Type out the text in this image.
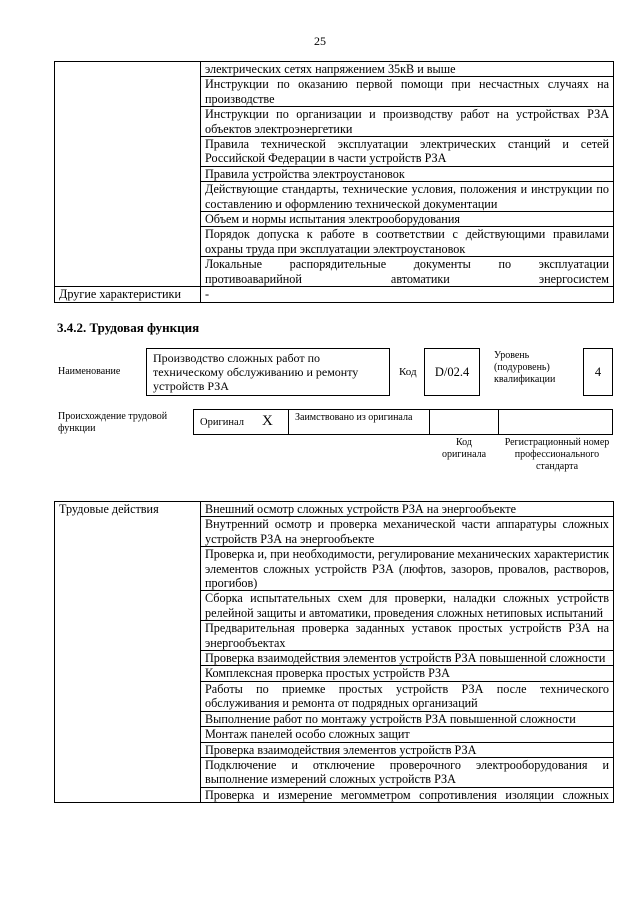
25
	электрических сетях напряжением 35кВ и выше
	Инструкции по оказанию первой помощи при несчастных случаях на производстве
	Инструкции по организации и производству работ на устройствах РЗА объектов электроэнергетики
	Правила технической эксплуатации электрических станций и сетей Российской Федерации в части устройств РЗА
	Правила устройства электроустановок
	Действующие стандарты, технические условия, положения и инструкции по составлению и оформлению технической документации
	Объем и нормы испытания электрооборудования
	Порядок допуска к работе в соответствии с действующими правилами охраны труда при эксплуатации электроустановок
	Локальные распорядительные документы по эксплуатации противоаварийной автоматики энергосистем
Другие характеристики	-
3.4.2. Трудовая функция
Наименование
Производство сложных работ по техническому обслуживанию и ремонту устройств РЗА
Код	D/02.4
Уровень (подуровень) квалификации
4
Происхождение трудовой функции
Оригинал X	Заимствовано из оригинала
Код оригинала
Регистрационный номер профессионального стандарта
Трудовые действия	Внешний осмотр сложных устройств РЗА на энергообъекте
Внутренний осмотр и проверка механической части аппаратуры сложных устройств РЗА на энергообъекте
Проверка и, при необходимости, регулирование механических характеристик элементов сложных устройств РЗА (люфтов, зазоров, провалов, растворов, прогибов)
Сборка испытательных схем для проверки, наладки сложных устройств релейной защиты и автоматики, проведения сложных нетиповых испытаний
Предварительная проверка заданных уставок простых устройств РЗА на энергообъектах
Проверка взаимодействия элементов устройств РЗА повышенной сложности
Комплексная проверка простых устройств РЗА
Работы по приемке простых устройств РЗА после технического обслуживания и ремонта от подрядных организаций
Выполнение работ по монтажу устройств РЗА повышенной сложности
Монтаж панелей особо сложных защит
Проверка взаимодействия элементов устройств РЗА
Подключение и отключение проверочного электрооборудования и выполнение измерений сложных устройств РЗА
Проверка и измерение мегомметром сопротивления изоляции сложных
